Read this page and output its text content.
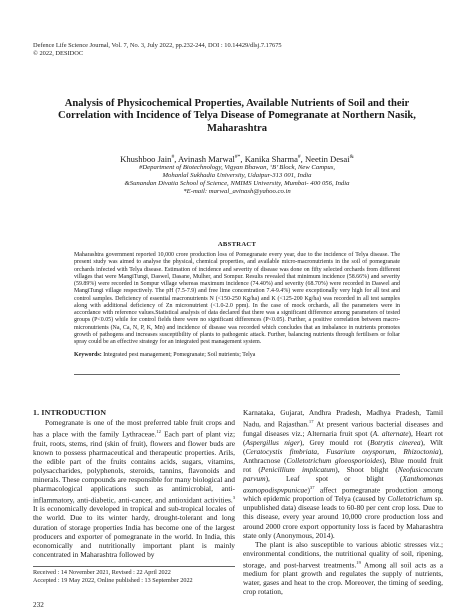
Defence Life Science Journal, Vol. 7, No. 3, July 2022, pp.232-244, DOI : 10.14429/dlsj.7.17675
© 2022, DESIDOC
Analysis of Physicochemical Properties, Available Nutrients of Soil and their Correlation with Incidence of Telya Disease of Pomegranate at Northern Nasik, Maharashtra
Khushboo Jain#, Avinash Marwal#*, Kanika Sharma#, Neetin Desai&
#Department of Biotechnology, Vigyan Bhawan, ‘B’ Block, New Campus,
Mohanlal Sukhadia University, Udaipur-313 001, India
&Sunandan Divatia School of Science, NMIMS University, Mumbai- 400 056, India
*E-mail: marwal_avinash@yahoo.co.in
ABSTRACT
Maharashtra government reported 10,000 crore production loss of Pomegranate every year, due to the incidence of Telya disease. The present study was aimed to analyse the physical, chemical properties, and available micro-macronutrients in the soil of pomegranate orchards infected with Telya disease. Estimation of incidence and severity of disease was done on fifty selected orchards from different villages that were MangiTungi, Daswel, Dasane, Mulher, and Sompur. Results revealed that minimum incidence (58.66%) and severity (59.89%) were recorded in Sompur village whereas maximum incidence (74.40%) and severity (68.70%) were recorded in Daswel and MangiTungi village respectively. The pH (7.5-7.9) and free lime concentration 7.4-9.4%) were exceptionally very high for all test and control samples. Deficiency of essential macronutrients N (<150-250 Kg/ha) and K (<125-200 Kg/ha) was recorded in all test samples along with additional deficiency of Zn micronutrient (<1.0-2.0 ppm). In the case of mock orchards, all the parameters were in accordance with reference values.Statistical analysis of data declared that there was a significant difference among parameters of tested groups (P<0.05) while for control fields there were no significant differences (P<0.05). Further, a positive correlation between macro-micronutrients (Na, Ca, N, P, K, Mn) and incidence of disease was recorded which concludes that an imbalance in nutrients promotes growth of pathogens and increases susceptibility of plants to pathogenic attack. Further, balancing nutrients through fertilisers or foliar spray could be an effective strategy for an integrated pest management system.
Keywords: Integrated pest management; Pomegranate; Soil nutrients; Telya
1. INTRODUCTION
Pomegranate is one of the most preferred table fruit crops and has a place with the family Lythraceae.$^{12}$ Each part of plant viz; fruit, roots, stems, rind (skin of fruit), flowers and flower buds are known to possess pharmaceutical and therapeutic properties. Arils, the edible part of the fruits contains acids, sugars, vitamins, polysaccharides, polyphenols, steroids, tannins, flavonoids and minerals. These compounds are responsible for many biological and pharmacological applications such as antimicrobial, anti-inflammatory, anti-diabetic, anti-cancer, and antioxidant activities.$^3$ It is economically developed in tropical and sub-tropical locales of the world. Due to its winter hardy, drought-tolerant and long duration of storage properties India has become one of the largest producers and exporter of pomegranate in the world. In India, this economically and nutritionally important plant is mainly concentrated in Maharashtra followed by
Karnataka, Gujarat, Andhra Pradesh, Madhya Pradesh, Tamil Nadu, and Rajasthan.$^{17}$ At present various bacterial diseases and fungal diseases viz.; Alternaria fruit spot (A. alternate), Heart rot (Aspergillus niger), Grey mould rot (Botrytis cinerea), Wilt (Ceratocystis fimbriata, Fusarium oxysporum, Rhizoctonia), Anthracnose (Colletotrichum gloeosporioides), Blue mould fruit rot (Penicillium implicatum), Shoot blight (Neofusicoccum parvum), Leaf spot or blight (Xanthomonas axanopodispvpunicae)$^{37}$ affect pomegranate production among which epidemic proportion of Telya (caused by Colletotrichum sp. unpublished data) disease leads to 60-80 per cent crop loss. Due to this disease, every year around 10,000 crore production loss and around 2000 crore export opportunity loss is faced by Maharashtra state only (Anonymous, 2014).
The plant is also susceptible to various abiotic stresses viz.; environmental conditions, the nutritional quality of soil, ripening, storage, and post-harvest treatments.$^{19}$ Among all soil acts as a medium for plant growth and regulates the supply of nutrients, water, gases and heat to the crop. Moreover, the timing of seeding, crop rotation,
Received : 14 November 2021, Revised : 22 April 2022
Accepted : 19 May 2022, Online published : 13 September 2022
232
